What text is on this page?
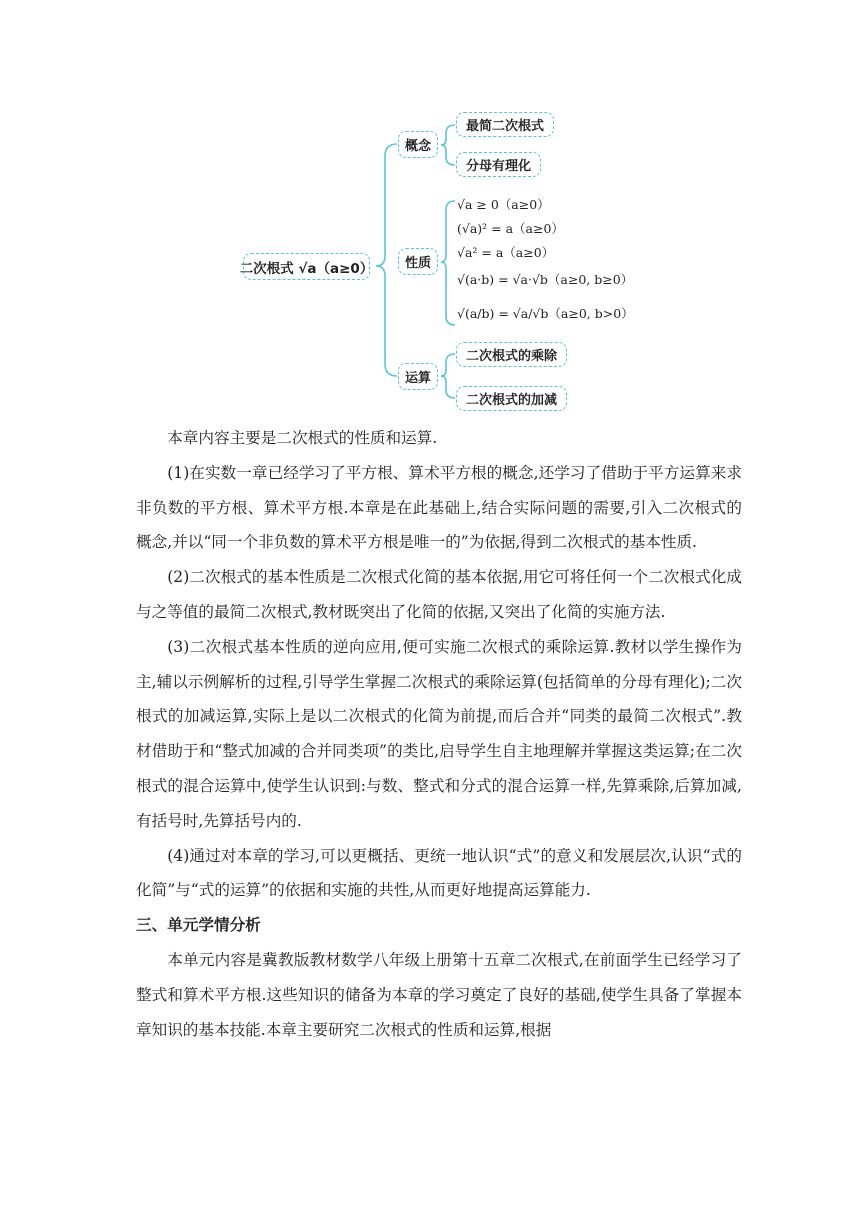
二次根式 √a（a≥0）
概念
性质
运算
最简二次根式
分母有理化
√a ≥ 0（a≥0）
(√a)² = a（a≥0）
√a² = a（a≥0）
√(a·b) = √a·√b（a≥0, b≥0）
√(a/b) = √a/√b（a≥0, b>0）
二次根式的乘除
二次根式的加减

本章内容主要是二次根式的性质和运算.

(1)在实数一章已经学习了平方根、算术平方根的概念,还学习了借助于平方运算来求非负数的平方根、算术平方根.本章是在此基础上,结合实际问题的需要,引入二次根式的概念,并以“同一个非负数的算术平方根是唯一的”为依据,得到二次根式的基本性质.

(2)二次根式的基本性质是二次根式化简的基本依据,用它可将任何一个二次根式化成与之等值的最简二次根式,教材既突出了化简的依据,又突出了化简的实施方法.

(3)二次根式基本性质的逆向应用,便可实施二次根式的乘除运算.教材以学生操作为主,辅以示例解析的过程,引导学生掌握二次根式的乘除运算(包括简单的分母有理化);二次根式的加减运算,实际上是以二次根式的化简为前提,而后合并“同类的最简二次根式”.教材借助于和“整式加减的合并同类项”的类比,启导学生自主地理解并掌握这类运算;在二次根式的混合运算中,使学生认识到:与数、整式和分式的混合运算一样,先算乘除,后算加减,有括号时,先算括号内的.

(4)通过对本章的学习,可以更概括、更统一地认识“式”的意义和发展层次,认识“式的化简”与“式的运算”的依据和实施的共性,从而更好地提高运算能力.

三、单元学情分析

本单元内容是冀教版教材数学八年级上册第十五章二次根式,在前面学生已经学习了整式和算术平方根.这些知识的储备为本章的学习奠定了良好的基础,使学生具备了掌握本章知识的基本技能.本章主要研究二次根式的性质和运算,根据
